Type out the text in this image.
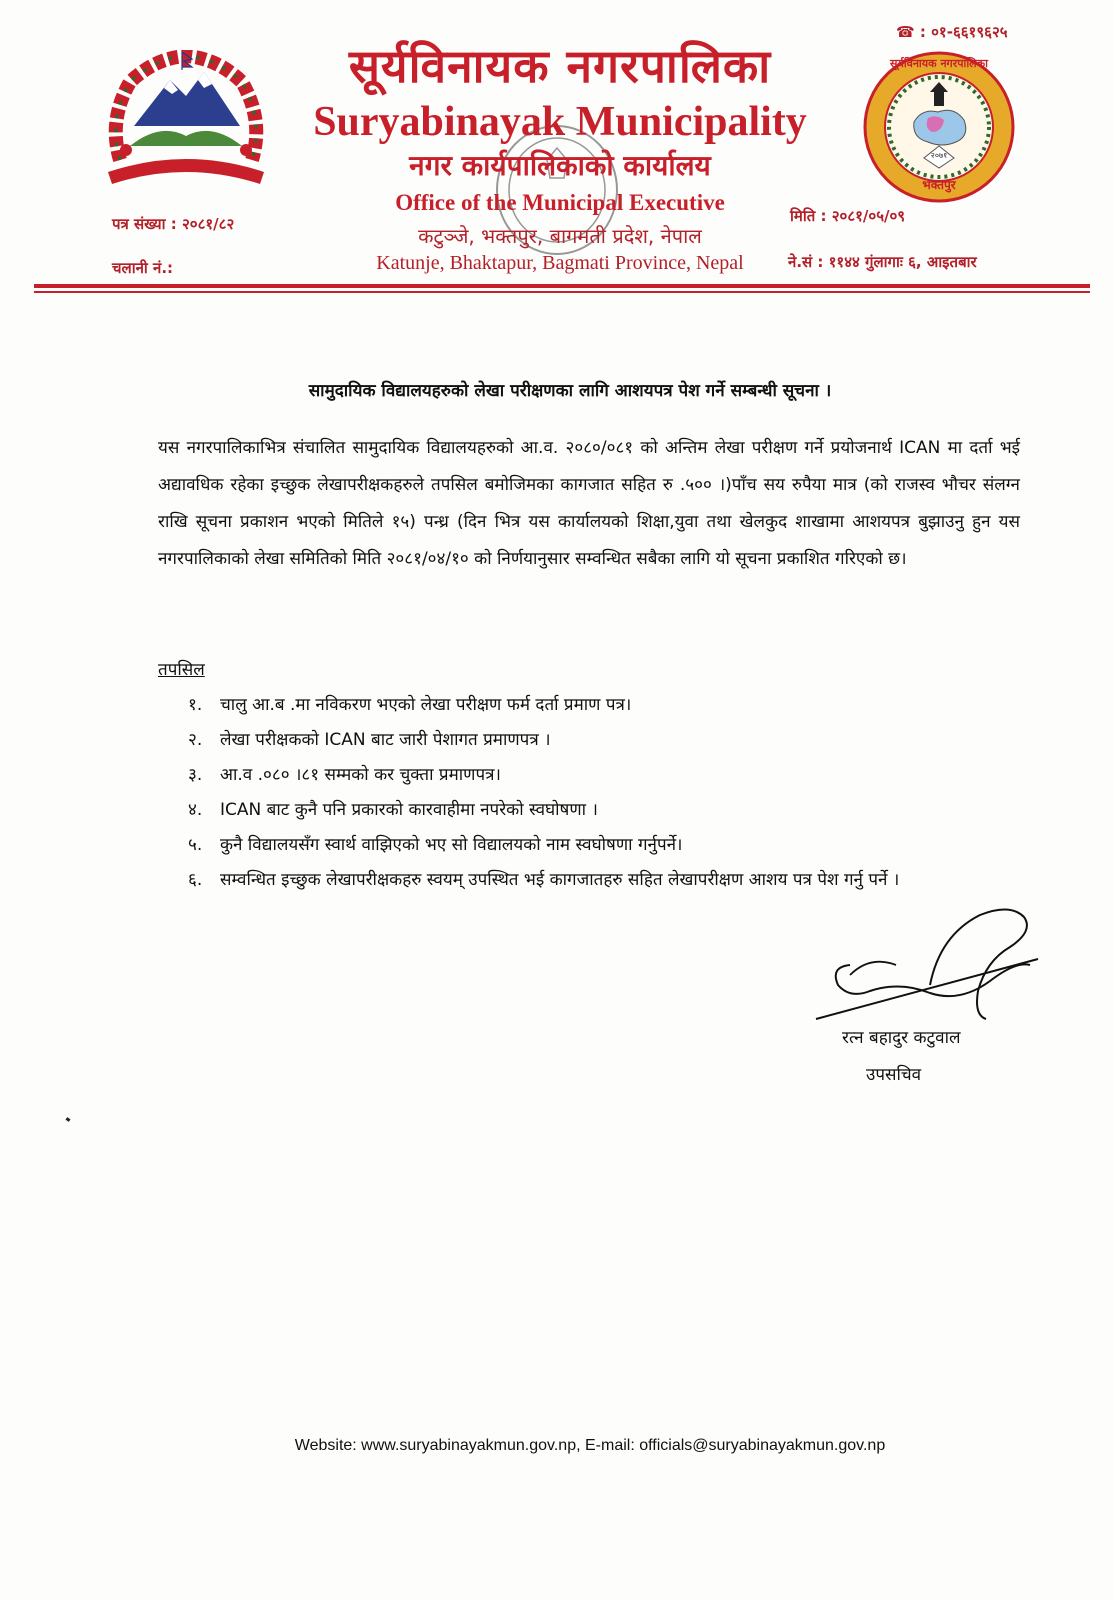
सूर्यविनायक नगरपालिका
२०७१
भक्तपुर
सूर्यविनायक नगरपालिका
Suryabinayak Municipality
नगर कार्यपालिकाको कार्यालय
Office of the Municipal Executive
कटुञ्जे, भक्तपुर, बागमती प्रदेश, नेपाल
Katunje, Bhaktapur, Bagmati Province, Nepal
☎ : ०१-६६१९६२५
पत्र संख्या : २०८१/८२
चलानी नं.:
मिति : २०८१/०५/०९
ने.सं : ११४४ गुंलागाः ६, आइतबार
सामुदायिक विद्यालयहरुको लेखा परीक्षणका लागि आशयपत्र पेश गर्ने सम्बन्धी सूचना ।
यस नगरपालिकाभित्र संचालित सामुदायिक विद्यालयहरुको आ.व. २०८०/०८१ को अन्तिम लेखा परीक्षण गर्ने प्रयोजनार्थ ICAN मा दर्ता भई अद्यावधिक रहेका इच्छुक लेखापरीक्षकहरुले तपसिल बमोजिमका कागजात सहित रु .५०० ।)पाँच सय रुपैया मात्र (को राजस्व भौचर संलग्न राखि सूचना प्रकाशन भएको मितिले १५) पन्ध्र (दिन भित्र यस कार्यालयको शिक्षा,युवा तथा खेलकुद शाखामा आशयपत्र बुझाउनु हुन यस नगरपालिकाको लेखा समितिको मिति २०८१/०४/१० को निर्णयानुसार सम्वन्धित सबैका लागि यो सूचना प्रकाशित गरिएको छ।
तपसिल
१.	चालु आ.ब .मा नविकरण भएको लेखा परीक्षण फर्म दर्ता प्रमाण पत्र।
२.	लेखा परीक्षकको ICAN बाट जारी पेशागत प्रमाणपत्र ।
३.	आ.व .०८० ।८१ सम्मको कर चुक्ता प्रमाणपत्र।
४.	ICAN बाट कुनै पनि प्रकारको कारवाहीमा नपरेको स्वघोषणा ।
५.	कुनै विद्यालयसँग स्वार्थ वाझिएको भए सो विद्यालयको नाम स्वघोषणा गर्नुपर्ने।
६.	सम्वन्धित इच्छुक लेखापरीक्षकहरु स्वयम् उपस्थित भई कागजातहरु सहित लेखापरीक्षण आशय पत्र पेश गर्नु पर्ने ।
रत्न बहादुर कटुवाल
उपसचिव
Website: www.suryabinayakmun.gov.np, E-mail: officials@suryabinayakmun.gov.np
